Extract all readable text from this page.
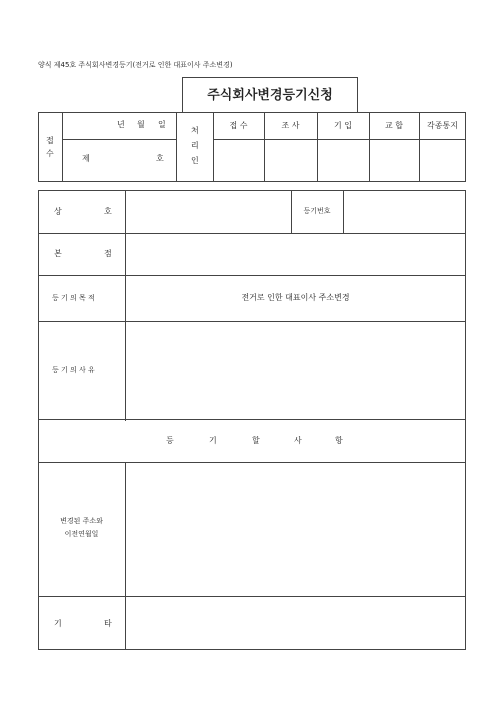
양식 제45호 주식회사변경등기(전거로 인한 대표이사 주소변경)
주식회사변경등기신청
접
수
년 월 일
제	호
처
리
인
접 수	조 사	기 입	교 합	각종통지
상	호	등기번호
본	점
등 기 의 목 적	전거로 인한 대표이사 주소변경
등 기 의 사 유
등	기	할	사	항
변경된 주소와
이전연월일
기	타
